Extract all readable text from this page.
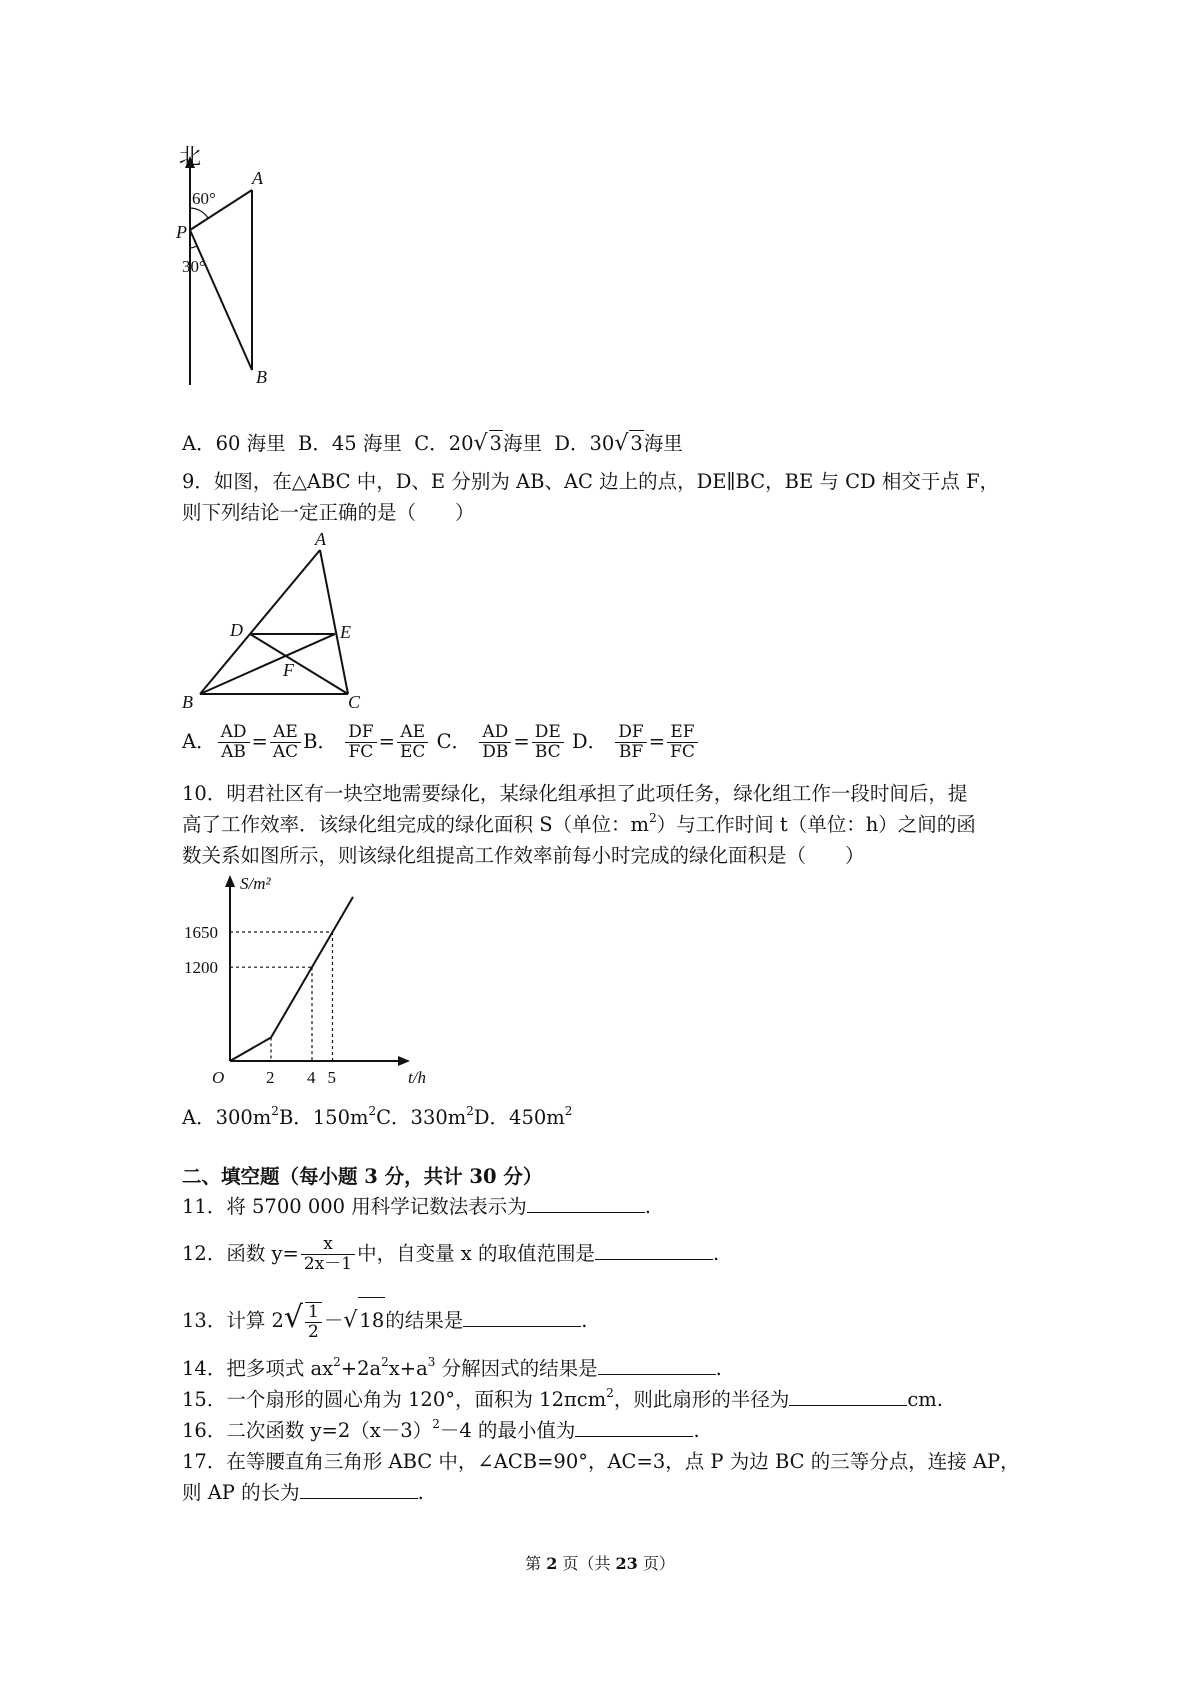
北
60°
30°
A
P
B
A．60 海里 B．45 海里 C．20√ 3海里 D．30√ 3海里
9．如图，在△ABC 中，D、E 分别为 AB、AC 边上的点，DE∥BC，BE 与 CD 相交于点 F，
则下列结论一定正确的是（　　）
A
D	E
F
B	C
A． $\frac{AD}{AB} = \frac{AE}{AC}$ B． $\frac{DF}{FC} = \frac{AE}{EC}$ C． $\frac{AD}{DB} = \frac{DE}{BC}$ D． $\frac{DF}{BF} = \frac{EF}{FC}$
10．明君社区有一块空地需要绿化，某绿化组承担了此项任务，绿化组工作一段时间后，提
高了工作效率．该绿化组完成的绿化面积 S（单位：$m^2$）与工作时间 t（单位：h）之间的函
数关系如图所示，则该绿化组提高工作效率前每小时完成的绿化面积是（　　）
S/m²
t/h
O 2 4 5
1200
1650
A．$300m^2B$．$150m^2C$．$330m^2D$．$450m^2$
二、填空题（每小题 3 分，共计 30 分）
11．将 5700 000 用科学记数法表示为	.
12．函数 $y= \frac{x}{2x-1}$ 中，自变量 x 的取值范围是	.
13．计算 $2√ \frac{1}{2}$ －√ 18的结果是	.
14．把多项式 $ax^2+2a^2x+a^3$ 分解因式的结果是	.
15．一个扇形的圆心角为 120°，面积为 12πcm$^2$，则此扇形的半径为	cm.
16．二次函数 $y=2(x-3)^2-4$ 的最小值为	.
17．在等腰直角三角形 ABC 中，∠ACB=90°，AC=3，点 P 为边 BC 的三等分点，连接 AP，
则 AP 的长为	.
第 2 页（共 23 页）
